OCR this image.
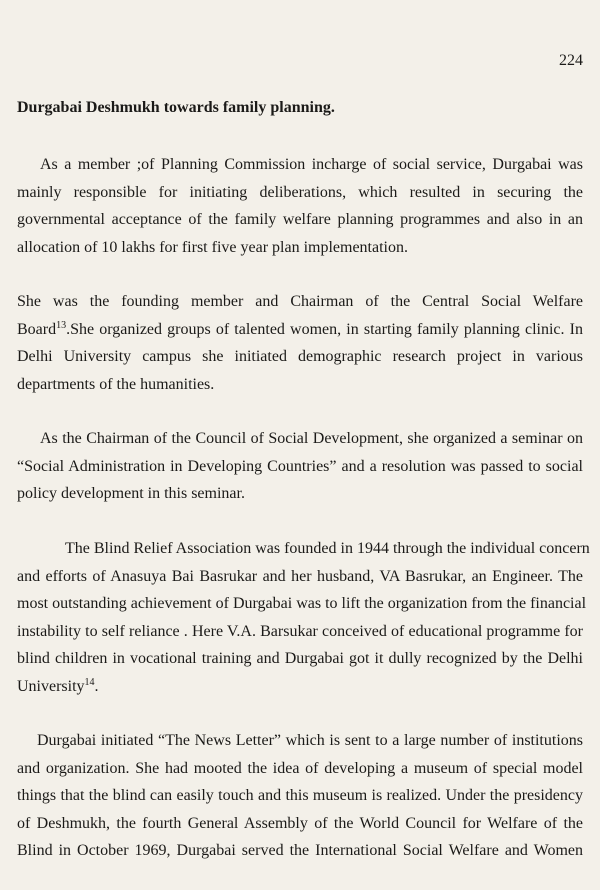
224
Durgabai Deshmukh towards family planning.
As a member ;of Planning Commission incharge of social service, Durgabai was
mainly responsible for initiating deliberations, which resulted in securing the
governmental acceptance of the family welfare planning programmes and also in an
allocation of 10 lakhs for first five year plan implementation.
She was the founding member and Chairman of the Central Social Welfare
Board$^{13}$.She organized groups of talented women, in starting family planning clinic. In
Delhi University campus she initiated demographic research project in various
departments of the humanities.
As the Chairman of the Council of Social Development, she organized a seminar on
“Social Administration in Developing Countries” and a resolution was passed to social
policy development in this seminar.
The Blind Relief Association was founded in 1944 through the individual concern
and efforts of Anasuya Bai Basrukar and her husband, VA Basrukar, an Engineer. The
most outstanding achievement of Durgabai was to lift the organization from the financial
instability to self reliance . Here V.A. Barsukar conceived of educational programme for
blind children in vocational training and Durgabai got it dully recognized by the Delhi
University$^{14}$.
Durgabai initiated “The News Letter” which is sent to a large number of institutions
and organization. She had mooted the idea of developing a museum of special model
things that the blind can easily touch and this museum is realized. Under the presidency
of Deshmukh, the fourth General Assembly of the World Council for Welfare of the
Blind in October 1969, Durgabai served the International Social Welfare and Women
